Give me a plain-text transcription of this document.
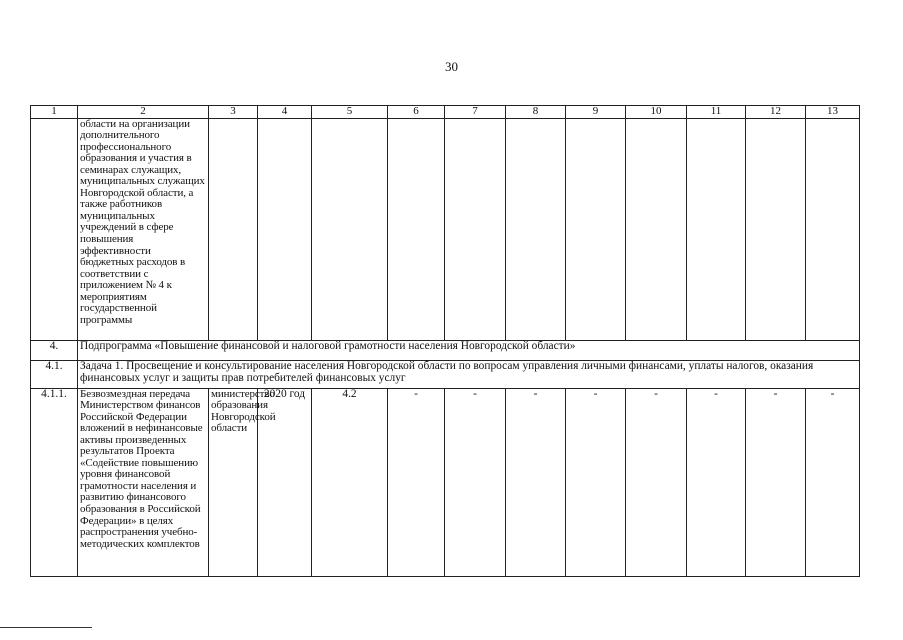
30
1	2	3	4	5	6	7	8	9	10	11	12	13
	области на организации дополнительного профессионального образования и участия в семинарах служащих, муниципальных служащих Новгородской области, а также работников муниципальных учреждений в сфере повышения эффективности бюджетных расходов в соответствии с приложением № 4 к мероприятиям государственной программы											
4.	Подпрограмма «Повышение финансовой и налоговой грамотности населения Новгородской области»											
4.1.	Задача 1. Просвещение и консультирование населения Новгородской области по вопросам управления личными финансами, уплаты налогов, оказания финансовых услуг и защиты прав потребителей финансовых услуг											
4.1.1.	Безвозмездная передача Министерством финансов Российской Федерации вложений в нефинансовые активы произведенных результатов Проекта «Содействие повышению уровня финансовой грамотности населения и развитию финансового образования в Российской Федерации» в целях распространения учебно-методических комплектов	министерство образования Новгородской области	2020 год	4.2	-	-	-	-	-	-	-	-
